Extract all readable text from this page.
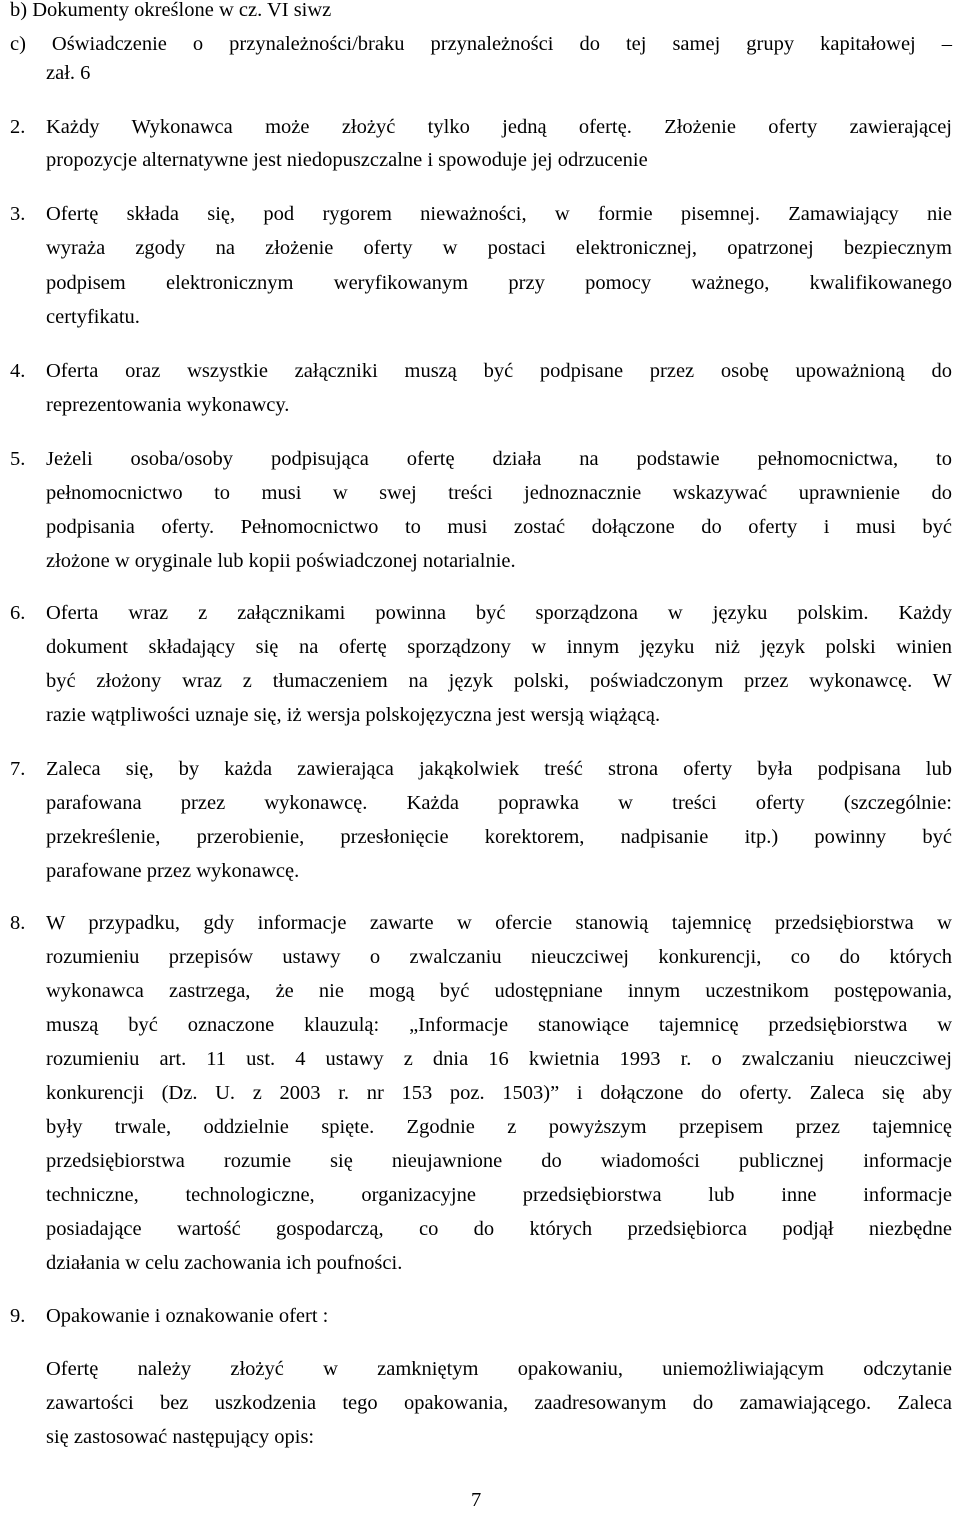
b) Dokumenty określone w cz. VI siwz
c) Oświadczenie o przynależności/braku przynależności do tej samej grupy kapitałowej –
zał. 6
2. Każdy Wykonawca może złożyć tylko jedną ofertę. Złożenie oferty zawierającej
propozycje alternatywne jest niedopuszczalne i spowoduje jej odrzucenie
3. Ofertę składa się, pod rygorem nieważności, w formie pisemnej. Zamawiający nie
wyraża zgody na złożenie oferty w postaci elektronicznej, opatrzonej bezpiecznym
podpisem elektronicznym weryfikowanym przy pomocy ważnego, kwalifikowanego
certyfikatu.
4. Oferta oraz wszystkie załączniki muszą być podpisane przez osobę upoważnioną do
reprezentowania wykonawcy.
5. Jeżeli osoba/osoby podpisująca ofertę działa na podstawie pełnomocnictwa, to
pełnomocnictwo to musi w swej treści jednoznacznie wskazywać uprawnienie do
podpisania oferty. Pełnomocnictwo to musi zostać dołączone do oferty i musi być
złożone w oryginale lub kopii poświadczonej notarialnie.
6. Oferta wraz z załącznikami powinna być sporządzona w języku polskim. Każdy
dokument składający się na ofertę sporządzony w innym języku niż język polski winien
być złożony wraz z tłumaczeniem na język polski, poświadczonym przez wykonawcę. W
razie wątpliwości uznaje się, iż wersja polskojęzyczna jest wersją wiążącą.
7. Zaleca się, by każda zawierająca jakąkolwiek treść strona oferty była podpisana lub
parafowana przez wykonawcę. Każda poprawka w treści oferty (szczególnie:
przekreślenie, przerobienie, przesłonięcie korektorem, nadpisanie itp.) powinny być
parafowane przez wykonawcę.
8. W przypadku, gdy informacje zawarte w ofercie stanowią tajemnicę przedsiębiorstwa w
rozumieniu przepisów ustawy o zwalczaniu nieuczciwej konkurencji, co do których
wykonawca zastrzega, że nie mogą być udostępniane innym uczestnikom postępowania,
muszą być oznaczone klauzulą: „Informacje stanowiące tajemnicę przedsiębiorstwa w
rozumieniu art. 11 ust. 4 ustawy z dnia 16 kwietnia 1993 r. o zwalczaniu nieuczciwej
konkurencji (Dz. U. z 2003 r. nr 153 poz. 1503)” i dołączone do oferty. Zaleca się aby
były trwale, oddzielnie spięte. Zgodnie z powyższym przepisem przez tajemnicę
przedsiębiorstwa rozumie się nieujawnione do wiadomości publicznej informacje
techniczne, technologiczne, organizacyjne przedsiębiorstwa lub inne informacje
posiadające wartość gospodarczą, co do których przedsiębiorca podjął niezbędne
działania w celu zachowania ich poufności.
9. Opakowanie i oznakowanie ofert :
Ofertę należy złożyć w zamkniętym opakowaniu, uniemożliwiającym odczytanie
zawartości bez uszkodzenia tego opakowania, zaadresowanym do zamawiającego. Zaleca
się zastosować następujący opis:
7
